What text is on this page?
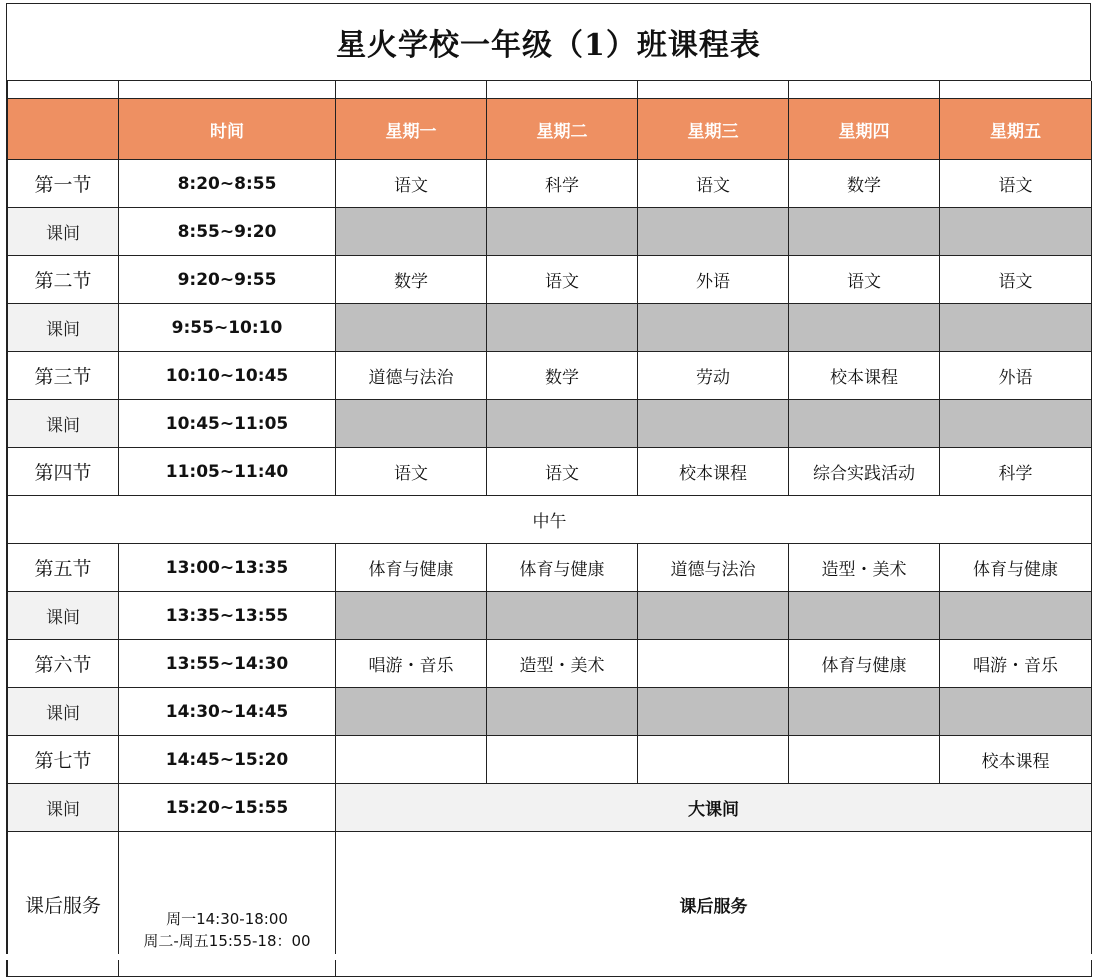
星火学校一年级（1）班课程表

	时间	星期一	星期二	星期三	星期四	星期五
第一节	8:20~8:55	语文	科学	语文	数学	语文
课间	8:55~9:20					
第二节	9:20~9:55	数学	语文	外语	语文	语文
课间	9:55~10:10					
第三节	10:10~10:45	道德与法治	数学	劳动	校本课程	外语
课间	10:45~11:05					
第四节	11:05~11:40	语文	语文	校本课程	综合实践活动	科学
中午						
第五节	13:00~13:35	体育与健康	体育与健康	道德与法治	造型・美术	体育与健康
课间	13:35~13:55					
第六节	13:55~14:30	唱游・音乐	造型・美术		体育与健康	唱游・音乐
课间	14:30~14:45					
第七节	14:45~15:20					校本课程
课间	15:20~15:55	大课间				
课后服务	周一14:30-18:00
周二-周五15:55-18：00	课后服务				
